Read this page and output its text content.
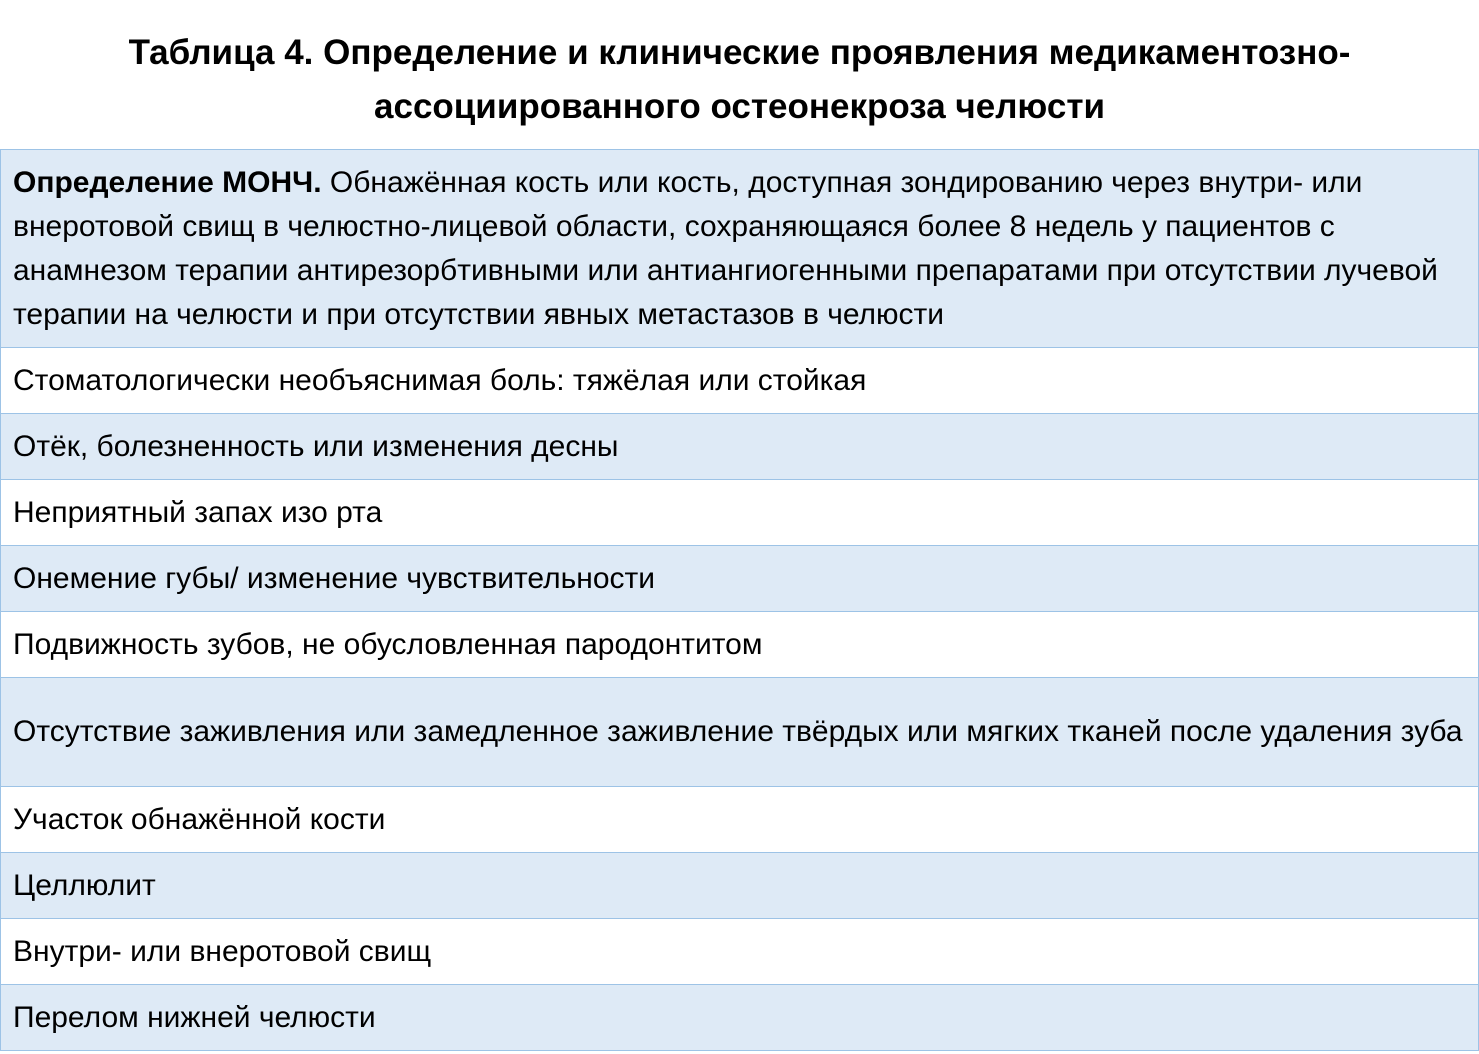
Таблица 4. Определение и клинические проявления медикаментозно-
ассоциированного остеонекроза челюсти
Определение МОНЧ. Обнажённая кость или кость, доступная зондированию через внутри- или внеротовой свищ в челюстно-лицевой области, сохраняющаяся более 8 недель у пациентов с анамнезом терапии антирезорбтивными или антиангиогенными препаратами при отсутствии лучевой терапии на челюсти и при отсутствии явных метастазов в челюсти
Стоматологически необъяснимая боль: тяжёлая или стойкая
Отёк, болезненность или изменения десны
Неприятный запах изо рта
Онемение губы/ изменение чувствительности
Подвижность зубов, не обусловленная пародонтитом
Отсутствие заживления или замедленное заживление твёрдых или мягких тканей после удаления зуба
Участок обнажённой кости
Целлюлит
Внутри- или внеротовой свищ
Перелом нижней челюсти
